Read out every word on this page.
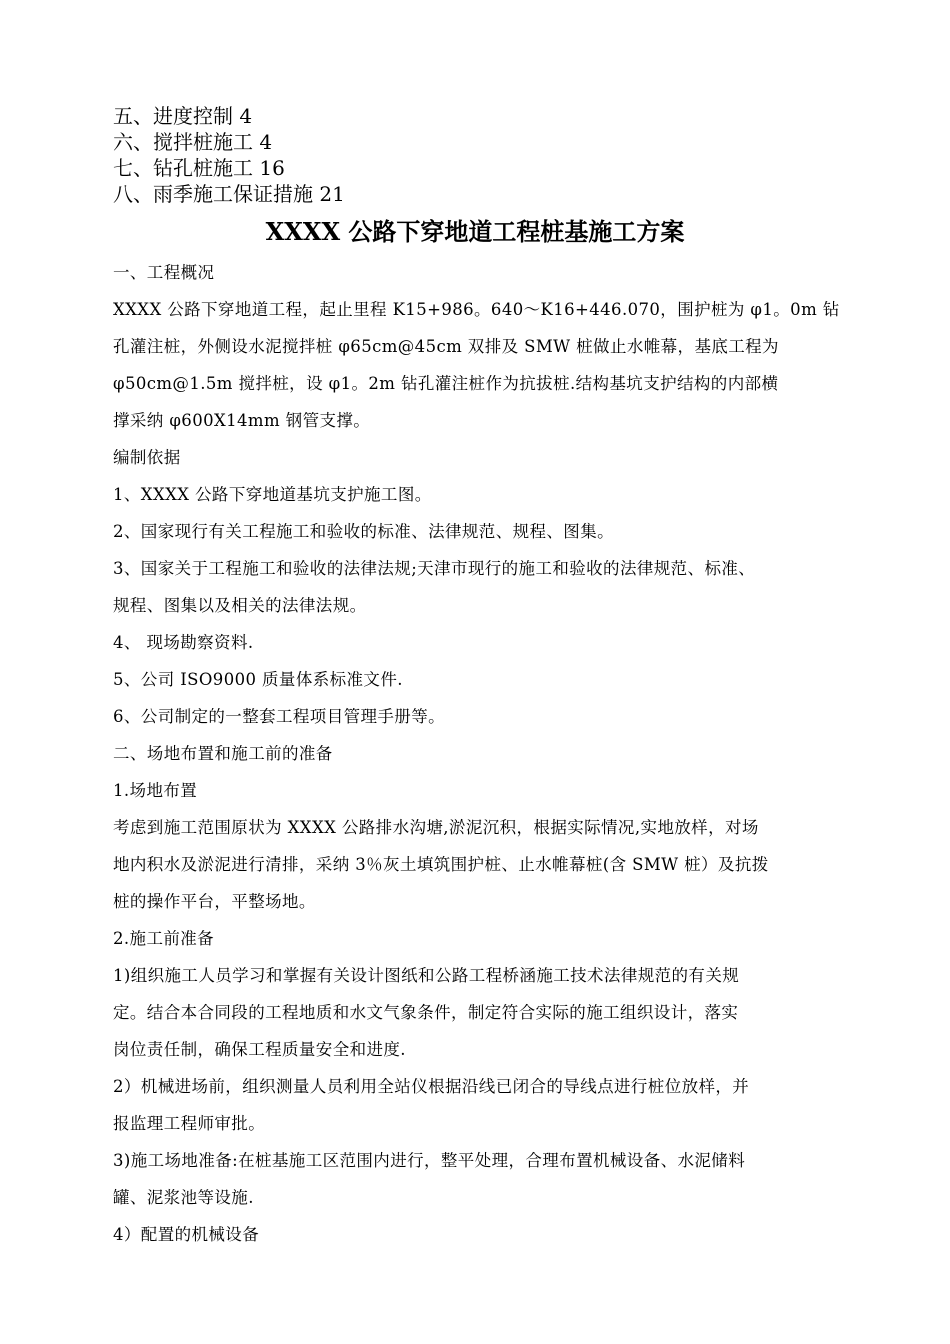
五、进度控制 4
六、搅拌桩施工 4
七、钻孔桩施工 16
八、雨季施工保证措施 21
XXXX 公路下穿地道工程桩基施工方案
一、工程概况
XXXX 公路下穿地道工程，起止里程 K15+986。640～K16+446.070，围护桩为 φ1。0m 钻
孔灌注桩，外侧设水泥搅拌桩 φ65cm@45cm 双排及 SMW 桩做止水帷幕，基底工程为
φ50cm@1.5m 搅拌桩，设 φ1。2m 钻孔灌注桩作为抗拔桩.结构基坑支护结构的内部横
撑采纳 φ600X14mm 钢管支撑。
编制依据
1、XXXX 公路下穿地道基坑支护施工图。
2、国家现行有关工程施工和验收的标准、法律规范、规程、图集。
3、国家关于工程施工和验收的法律法规;天津市现行的施工和验收的法律规范、标准、
规程、图集以及相关的法律法规。
4、 现场勘察资料.
5、公司 ISO9000 质量体系标准文件.
6、公司制定的一整套工程项目管理手册等。
二、场地布置和施工前的准备
1.场地布置
考虑到施工范围原状为 XXXX 公路排水沟塘,淤泥沉积，根据实际情况,实地放样，对场
地内积水及淤泥进行清排，采纳 3％灰土填筑围护桩、止水帷幕桩(含 SMW 桩）及抗拨
桩的操作平台，平整场地。
2.施工前准备
1)组织施工人员学习和掌握有关设计图纸和公路工程桥涵施工技术法律规范的有关规
定。结合本合同段的工程地质和水文气象条件，制定符合实际的施工组织设计，落实
岗位责任制，确保工程质量安全和进度.
2）机械进场前，组织测量人员利用全站仪根据沿线已闭合的导线点进行桩位放样，并
报监理工程师审批。
3)施工场地准备:在桩基施工区范围内进行，整平处理，合理布置机械设备、水泥储料
罐、泥浆池等设施.
4）配置的机械设备
